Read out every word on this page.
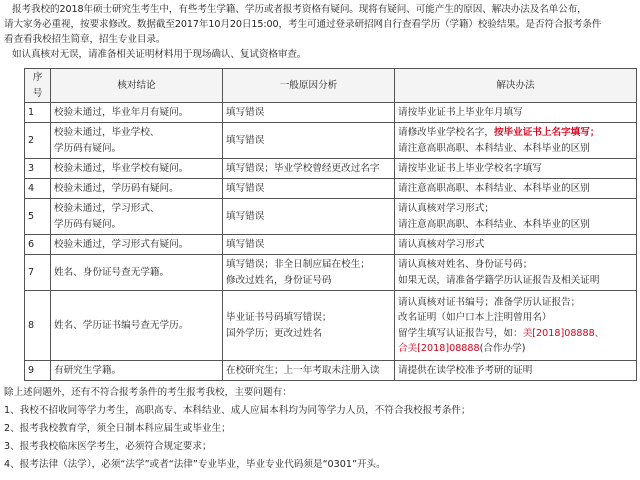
报考我校的2018年硕士研究生考生中，有些考生学籍、学历或者报考资格有疑问。现将有疑问、可能产生的原因、解决办法及名单公布，
请大家务必重视，按要求修改。数据截至2017年10月20日15:00，考生可通过登录研招网自行查看学历（学籍）校验结果。是否符合报考条件
看查看我校招生简章，招生专业目录。
如认真核对无误，请准备相关证明材料用于现场确认、复试资格审查。
序号	核对结论	一般原因分析	解决办法
1	校验未通过，毕业年月有疑问。	填写错误	请按毕业证书上毕业年月填写

2	校验未通过，毕业学校、
学历码有疑问。	填写错误	请修改毕业学校名字，按毕业证书上名字填写；
请注意高职高职、本科结业、本科毕业的区别

3	校验未通过，毕业学校有疑问。	填写错误；毕业学校曾经更改过名字	请按毕业证书上毕业学校名字填写

4	校验未通过，学历码有疑问。	填写错误	请注意高职高职、本科结业、本科毕业的区别

5	校验未通过，学习形式、
学历码有疑问。	填写错误	请认真核对学习形式；
请注意高职高职、本科结业、本科毕业的区别

6	校验未通过，学习形式有疑问。	填写错误	请认真核对学习形式

7	姓名、身份证号查无学籍。	填写错误；非全日制应届在校生；
修改过姓名，身份证号码	请认真核对姓名、身份证号码；
如果无误，请准备学籍学历认证报告及相关证明

8	姓名、学历证书编号查无学历。	毕业证书号码填写错误；
国外学历；更改过姓名	请认真核对证书编号；准备学历认证报告；
改名证明（如户口本上注明曾用名）
留学生填写认证报告号，如：美[2018]08888、
合美[2018]08888(合作办学)

9	有研究生学籍。	在校研究生；上一年考取未注册入读	请提供在读学校准予考研的证明
除上述问题外，还有不符合报考条件的考生报考我校，主要问题有：
1、我校不招收同等学力考生，高职高专、本科结业、成人应届本科均为同等学力人员，不符合我校报考条件；
2、报考我校教育学，须全日制本科应届生或毕业生；
3、报考我校临床医学考生，必须符合规定要求；
4、报考法律（法学），必须“法学”或者“法律”专业毕业，毕业专业代码须是“0301”开头。
